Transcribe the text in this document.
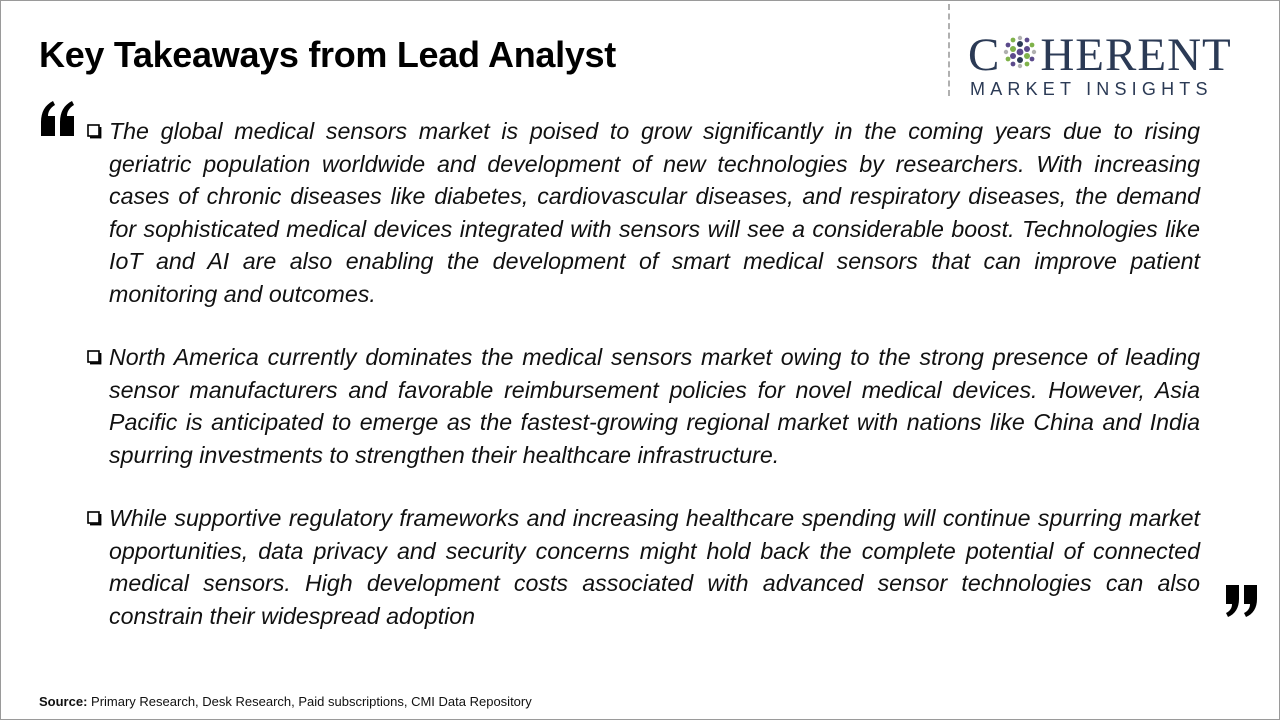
Key Takeaways from Lead Analyst	C HERENT
MARKET INSIGHTS
The global medical sensors market is poised to grow significantly in the coming years due to rising geriatric population worldwide and development of new technologies by researchers. With increasing cases of chronic diseases like diabetes, cardiovascular diseases, and respiratory diseases, the demand for sophisticated medical devices integrated with sensors will see a considerable boost. Technologies like IoT and AI are also enabling the development of smart medical sensors that can improve patient monitoring and outcomes.
North America currently dominates the medical sensors market owing to the strong presence of leading sensor manufacturers and favorable reimbursement policies for novel medical devices. However, Asia Pacific is anticipated to emerge as the fastest-growing regional market with nations like China and India spurring investments to strengthen their healthcare infrastructure.
While supportive regulatory frameworks and increasing healthcare spending will continue spurring market opportunities, data privacy and security concerns might hold back the complete potential of connected medical sensors. High development costs associated with advanced sensor technologies can also constrain their widespread adoption
Source: Primary Research, Desk Research, Paid subscriptions, CMI Data Repository
